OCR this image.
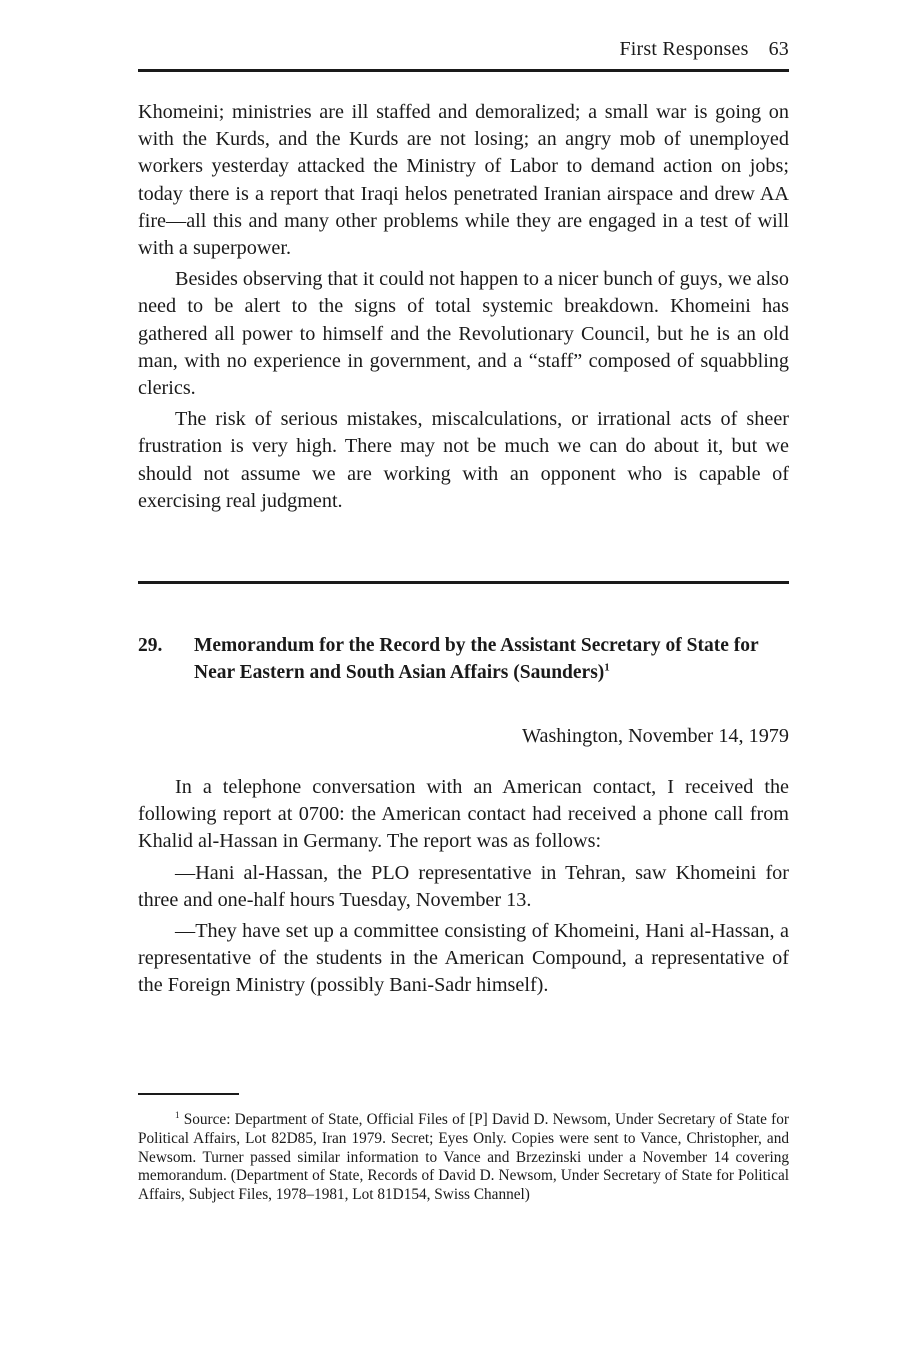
First Responses 63

Khomeini; ministries are ill staffed and demoralized; a small war is going on with the Kurds, and the Kurds are not losing; an angry mob of unemployed workers yesterday attacked the Ministry of Labor to demand action on jobs; today there is a report that Iraqi helos penetrated Iranian airspace and drew AA fire—all this and many other problems while they are engaged in a test of will with a superpower.

Besides observing that it could not happen to a nicer bunch of guys, we also need to be alert to the signs of total systemic breakdown. Khomeini has gathered all power to himself and the Revolutionary Council, but he is an old man, with no experience in government, and a “staff” composed of squabbling clerics.

The risk of serious mistakes, miscalculations, or irrational acts of sheer frustration is very high. There may not be much we can do about it, but we should not assume we are working with an opponent who is capable of exercising real judgment.

29. Memorandum for the Record by the Assistant Secretary of State for Near Eastern and South Asian Affairs (Saunders)$^1$
Washington, November 14, 1979

In a telephone conversation with an American contact, I received the following report at 0700: the American contact had received a phone call from Khalid al-Hassan in Germany. The report was as follows:

—Hani al-Hassan, the PLO representative in Tehran, saw Khomeini for three and one-half hours Tuesday, November 13.

—They have set up a committee consisting of Khomeini, Hani al-Hassan, a representative of the students in the American Compound, a representative of the Foreign Ministry (possibly Bani-Sadr himself).

$^1$ Source: Department of State, Official Files of [P] David D. Newsom, Under Secretary of State for Political Affairs, Lot 82D85, Iran 1979. Secret; Eyes Only. Copies were sent to Vance, Christopher, and Newsom. Turner passed similar information to Vance and Brzezinski under a November 14 covering memorandum. (Department of State, Records of David D. Newsom, Under Secretary of State for Political Affairs, Subject Files, 1978–1981, Lot 81D154, Swiss Channel)
